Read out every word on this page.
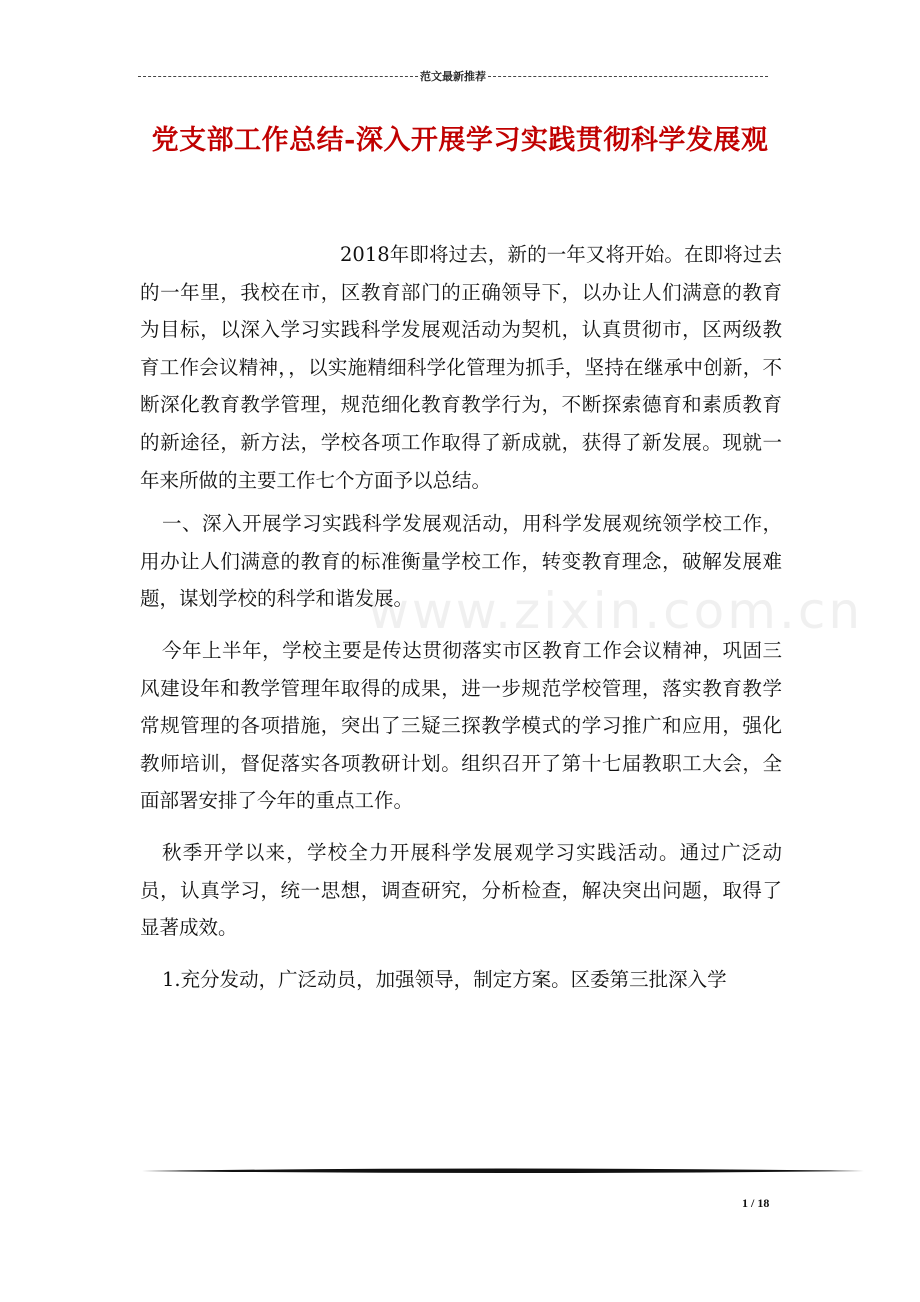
范文最新推荐
党支部工作总结-深入开展学习实践贯彻科学发展观
www.zixin.com.cn

2018年即将过去，新的一年又将开始。在即将过去的一年里，我校在市，区教育部门的正确领导下，以办让人们满意的教育为目标，以深入学习实践科学发展观活动为契机，认真贯彻市，区两级教育工作会议精神，，以实施精细科学化管理为抓手，坚持在继承中创新，不断深化教育教学管理，规范细化教育教学行为，不断探索德育和素质教育的新途径，新方法，学校各项工作取得了新成就，获得了新发展。现就一年来所做的主要工作七个方面予以总结。

一、深入开展学习实践科学发展观活动，用科学发展观统领学校工作，用办让人们满意的教育的标准衡量学校工作，转变教育理念，破解发展难题，谋划学校的科学和谐发展。

今年上半年，学校主要是传达贯彻落实市区教育工作会议精神，巩固三风建设年和教学管理年取得的成果，进一步规范学校管理，落实教育教学常规管理的各项措施，突出了三疑三探教学模式的学习推广和应用，强化教师培训，督促落实各项教研计划。组织召开了第十七届教职工大会，全面部署安排了今年的重点工作。

秋季开学以来，学校全力开展科学发展观学习实践活动。通过广泛动员，认真学习，统一思想，调查研究，分析检查，解决突出问题，取得了显著成效。

1.充分发动，广泛动员，加强领导，制定方案。区委第三批深入学

1 / 18
